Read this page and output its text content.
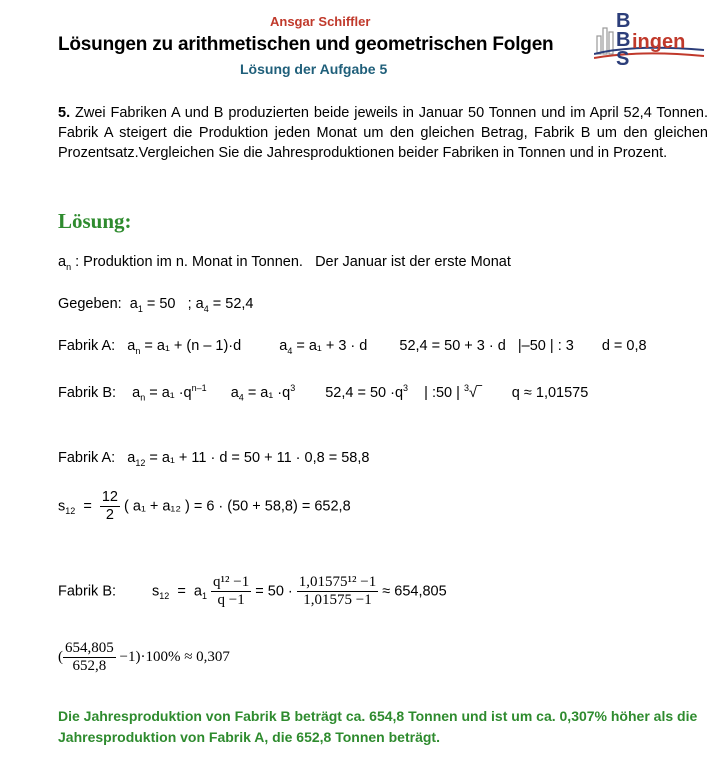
Ansgar Schiffler
Lösungen zu arithmetischen und geometrischen Folgen
Lösung der Aufgabe 5
B
B
S
ingen
5. Zwei Fabriken A und B produzierten beide jeweils in Januar 50 Tonnen und im April 52,4 Tonnen. Fabrik A steigert die Produktion jeden Monat um den gleichen Betrag, Fabrik B um den gleichen Prozentsatz.Vergleichen Sie die Jahresproduktionen beider Fabriken in Tonnen und in Prozent.
Lösung:
$a_n$ : Produktion im n. Monat in Tonnen. Der Januar ist der erste Monat
Gegeben:  $a_1 = 50$   ; $a_4 = 52,4$
Fabrik A:   $a_n = a_1 + (n - 1)\cdot d$	$a_4 = a_1 + 3 \cdot d$ 52,4 = 50 + 3 · d |–50 | : 3 d = 0,8
Fabrik B:    $a_n = a_1 \cdot q^{n-1}$ $a_4 = a_1 \cdot q^3$ $52,4 = 50 \cdot q^3$ | :50 | $^3$√‾ q ≈ 1,01575
Fabrik A:   $a_{12} = a_1 + 11 \cdot d = 50 + 11 \cdot 0,8 = 58,8$
$s_{12} = \frac{12}{2}$ ( a₁ + a₁₂ ) = 6 · (50 + 58,8) = 652,8
Fabrik B: $s_{12} = a_1 \frac{\text{q¹² −1}}{q -1} = 50 \cdot \frac{\text{1,01575¹² −1}}{1,01575 -1} \approx 654,805$
( $\frac{654,805}{652,8} -1)\cdot 100\% \approx 0,307$
Die Jahresproduktion von Fabrik B beträgt ca. 654,8 Tonnen und ist um ca. 0,307% höher als die Jahresproduktion von Fabrik A, die 652,8 Tonnen beträgt.
